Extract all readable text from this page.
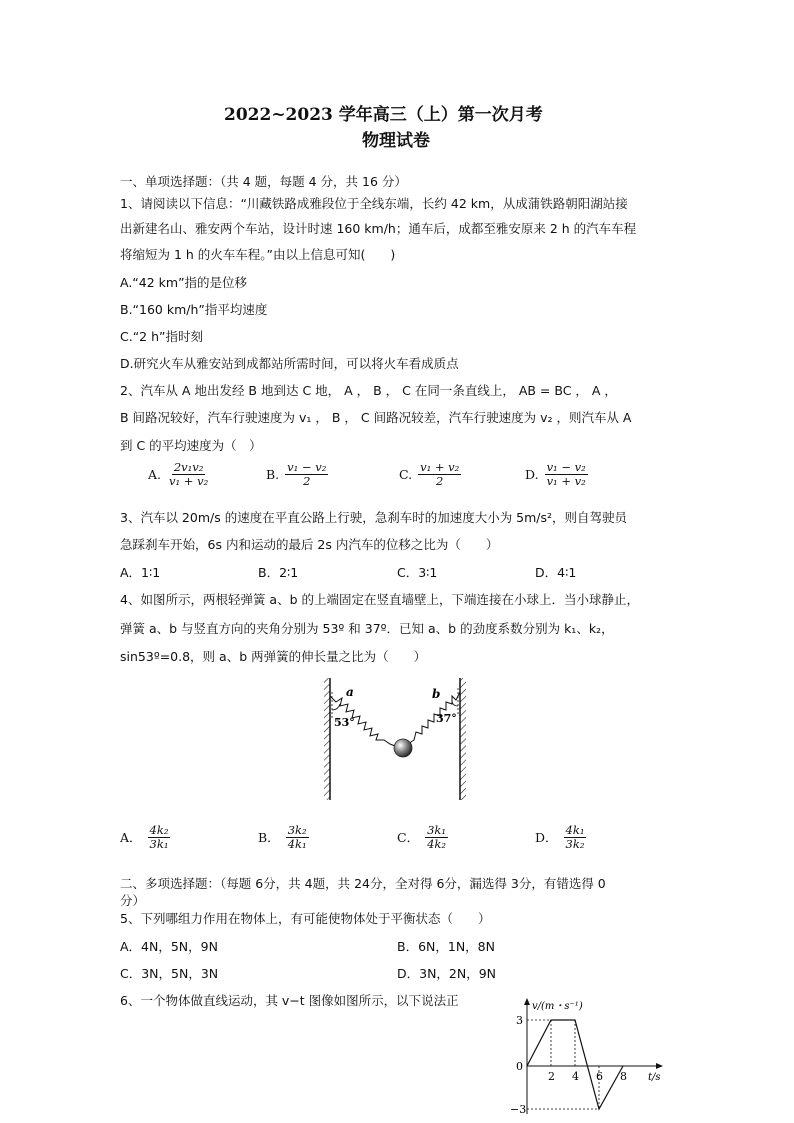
2022~2023 学年高三（上）第一次月考
物理试卷
一、单项选择题：（共 4 题，每题 4 分，共 16 分）
1、请阅读以下信息：“川藏铁路成雅段位于全线东端，长约 42 km，从成蒲铁路朝阳湖站接
出新建名山、雅安两个车站，设计时速 160 km/h；通车后，成都至雅安原来 2 h 的汽车车程
将缩短为 1 h 的火车车程。”由以上信息可知(　　)
A.“42 km”指的是位移
B.“160 km/h”指平均速度
C.“2 h”指时刻
D.研究火车从雅安站到成都站所需时间，可以将火车看成质点
2、汽车从 A 地出发经 B 地到达 C 地， A ， B ， C 在同一条直线上， AB = BC ， A ，
B 间路况较好，汽车行驶速度为 v₁ ， B ， C 间路况较差，汽车行驶速度为 v₂ ，则汽车从 A
到 C 的平均速度为（　）
A. $\frac{\text{2v₁v₂}}{\text{v₁ + v₂}}$	B. $\frac{\text{v₁ − v₂}}{2}$	C. $\frac{\text{v₁ + v₂}}{2}$	D. $\frac{\text{v₁ − v₂}}{\text{v₁ + v₂}}$
3、汽车以 20m/s 的速度在平直公路上行驶，急刹车时的加速度大小为 5m/s²，则自驾驶员
急踩刹车开始，6s 内和运动的最后 2s 内汽车的位移之比为（　　）
A．1∶1	B．2∶1	C．3∶1	D．4∶1
4、如图所示，两根轻弹簧 a、b 的上端固定在竖直墙壁上，下端连接在小球上．当小球静止，
弹簧 a、b 与竖直方向的夹角分别为 53º 和 37º．已知 a、b 的劲度系数分别为 k₁、k₂，
sin53º=0.8，则 a、b 两弹簧的伸长量之比为（　　）
a	b
53°	37°
A． $\frac{\text{4k₂}}{\text{3k₁}}$	B． $\frac{\text{3k₂}}{\text{4k₁}}$	C． $\frac{\text{3k₁}}{\text{4k₂}}$	D． $\frac{\text{4k₁}}{\text{3k₂}}$
二、多项选择题：（每题 6分，共 4题，共 24分，全对得 6分，漏选得 3分，有错选得 0
分）
5、下列哪组力作用在物体上，有可能使物体处于平衡状态（　　）
A．4N，5N，9N	B．6N，1N，8N
C．3N，5N，3N	D．3N，2N，9N
6、一个物体做直线运动，其 v−t 图像如图所示，以下说法正	v/(m・s⁻¹)
t/s
3
0
−3
2 4 6 8
